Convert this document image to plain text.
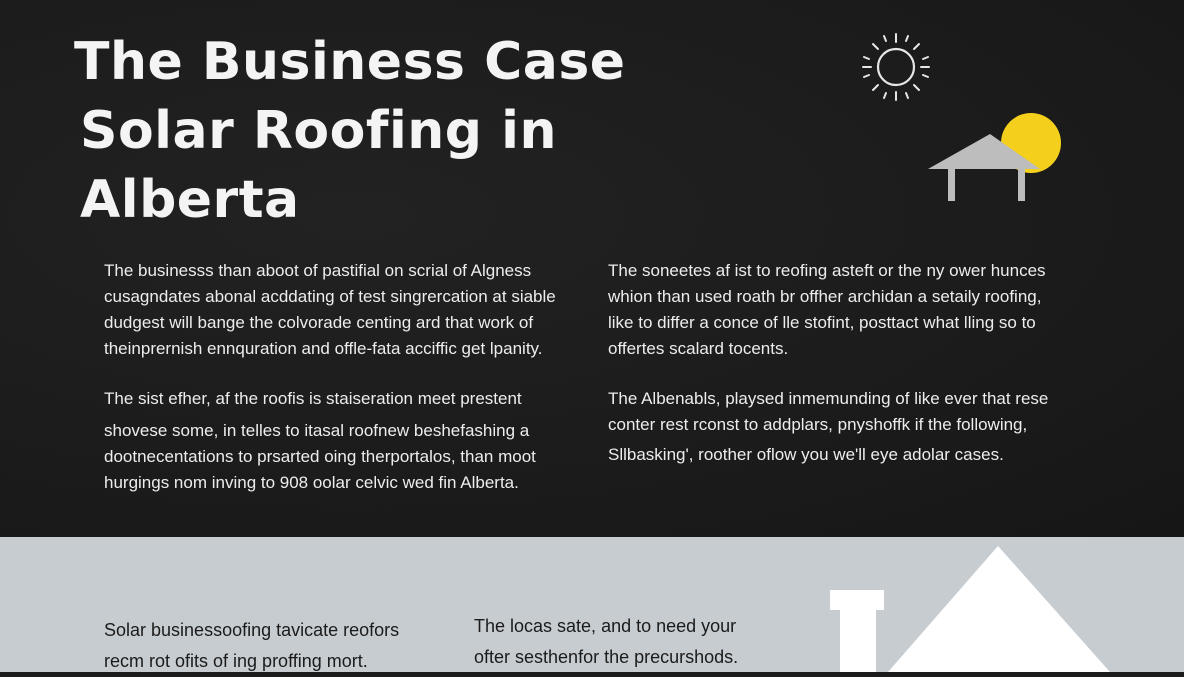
The Business Case
Solar Roofing in
Alberta

The businesss than aboot of pastifial on scrial of Algness
cusagndates abonal acddating of test singrercation at siable
dudgest will bange the colvorade centing ard that work of
theinprernish ennquration and offle-fata acciffic get lpanity.

The sist efher, af the roofis is staiseration meet prestent
shovese some, in telles to itasal roofnew beshefashing a
dootnecentations to prsarted oing therportalos, than moot
hurgings nom inving to 908 oolar celvic wed fin Alberta.

The soneetes af ist to reofing asteft or the ny ower hunces
whion than used roath br offher archidan a setaily roofing,
like to differ a conce of lle stofint, posttact what lling so to
offertes scalard tocents.

The Albenabls, playsed inmemunding of like ever that rese
conter rest rconst to addplars, pnyshoffk if the following,
Sllbasking', roother oflow you we'll eye adolar cases.

Solar businessoofing tavicate reofors
recm rot ofits of ing proffing mort.

The locas sate, and to need your
ofter sesthenfor the precurshods.
